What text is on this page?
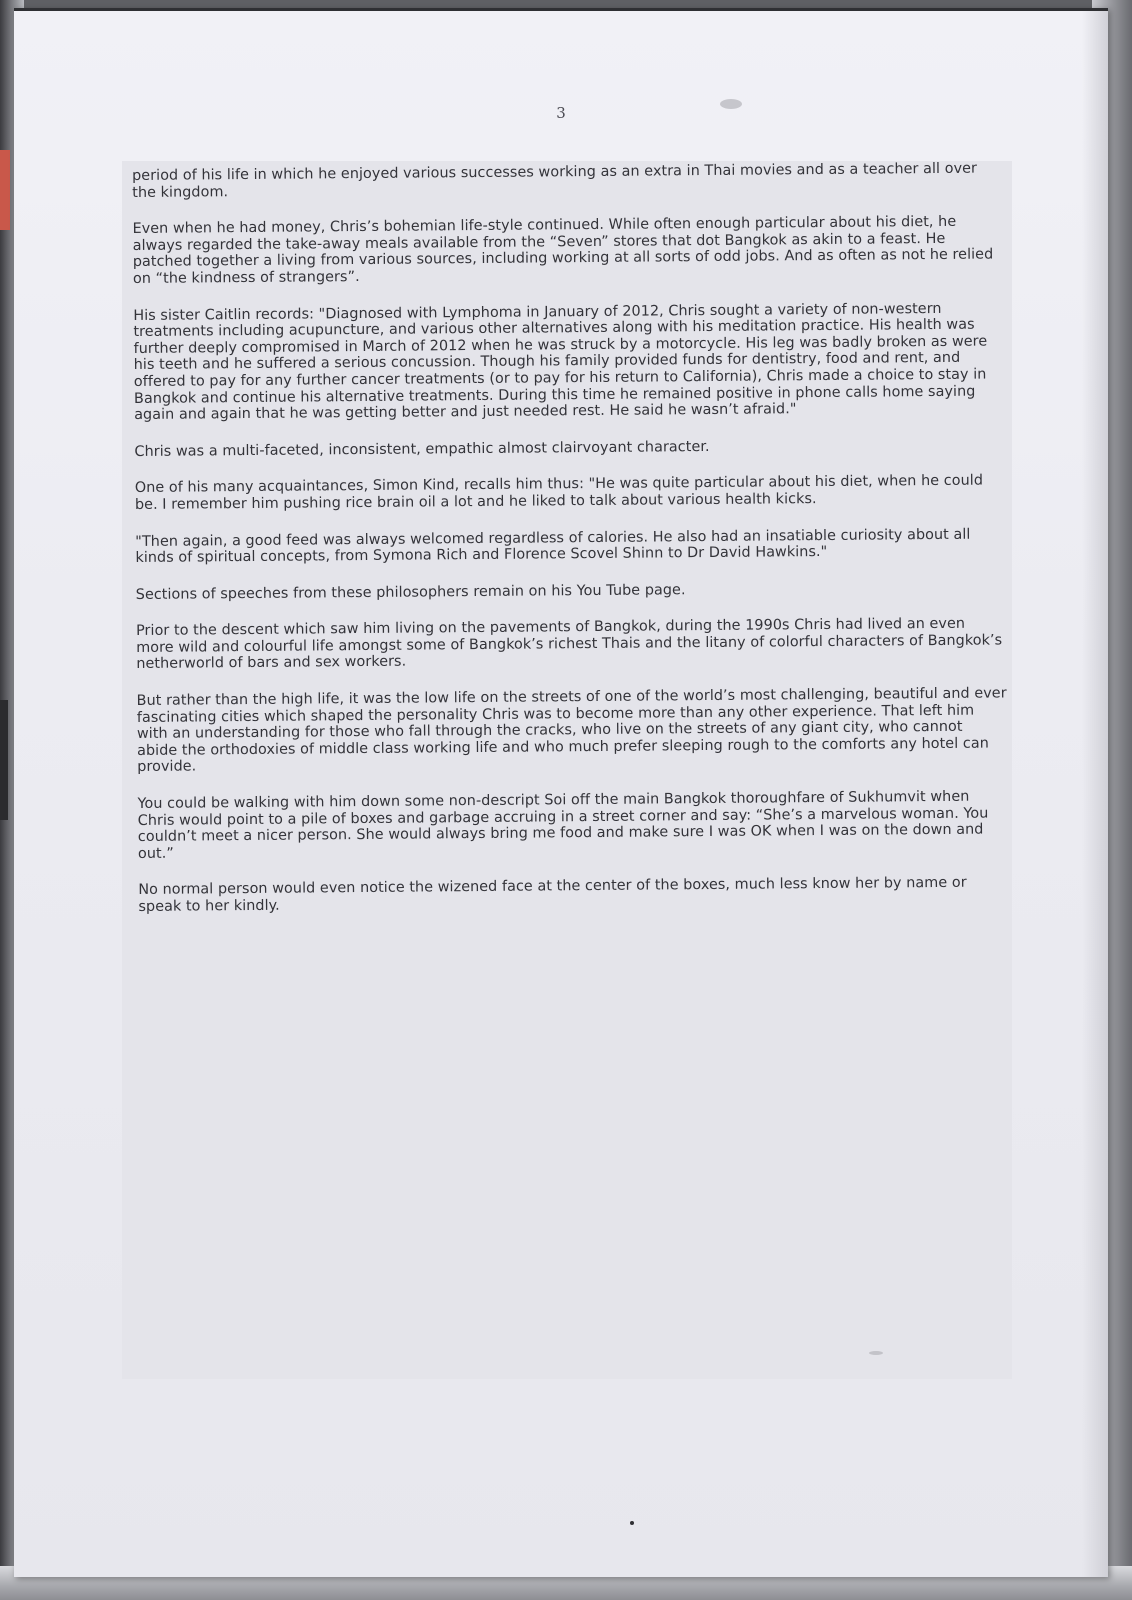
3

period of his life in which he enjoyed various successes working as an extra in Thai movies and as a teacher all over the kingdom.

Even when he had money, Chris’s bohemian life-style continued. While often enough particular about his diet, he always regarded the take-away meals available from the “Seven” stores that dot Bangkok as akin to a feast. He patched together a living from various sources, including working at all sorts of odd jobs. And as often as not he relied on “the kindness of strangers”.

His sister Caitlin records: "Diagnosed with Lymphoma in January of 2012, Chris sought a variety of non-western treatments including acupuncture, and various other alternatives along with his meditation practice. His health was further deeply compromised in March of 2012 when he was struck by a motorcycle. His leg was badly broken as were his teeth and he suffered a serious concussion. Though his family provided funds for dentistry, food and rent, and offered to pay for any further cancer treatments (or to pay for his return to California), Chris made a choice to stay in Bangkok and continue his alternative treatments. During this time he remained positive in phone calls home saying again and again that he was getting better and just needed rest. He said he wasn’t afraid."

Chris was a multi-faceted, inconsistent, empathic almost clairvoyant character.

One of his many acquaintances, Simon Kind, recalls him thus: "He was quite particular about his diet, when he could be. I remember him pushing rice brain oil a lot and he liked to talk about various health kicks.

"Then again, a good feed was always welcomed regardless of calories. He also had an insatiable curiosity about all kinds of spiritual concepts, from Symona Rich and Florence Scovel Shinn to Dr David Hawkins."

Sections of speeches from these philosophers remain on his You Tube page.

Prior to the descent which saw him living on the pavements of Bangkok, during the 1990s Chris had lived an even more wild and colourful life amongst some of Bangkok’s richest Thais and the litany of colorful characters of Bangkok’s netherworld of bars and sex workers.

But rather than the high life, it was the low life on the streets of one of the world’s most challenging, beautiful and ever fascinating cities which shaped the personality Chris was to become more than any other experience. That left him with an understanding for those who fall through the cracks, who live on the streets of any giant city, who cannot abide the orthodoxies of middle class working life and who much prefer sleeping rough to the comforts any hotel can provide.

You could be walking with him down some non-descript Soi off the main Bangkok thoroughfare of Sukhumvit when Chris would point to a pile of boxes and garbage accruing in a street corner and say: “She’s a marvelous woman. You couldn’t meet a nicer person. She would always bring me food and make sure I was OK when I was on the down and out.”

No normal person would even notice the wizened face at the center of the boxes, much less know her by name or speak to her kindly.
